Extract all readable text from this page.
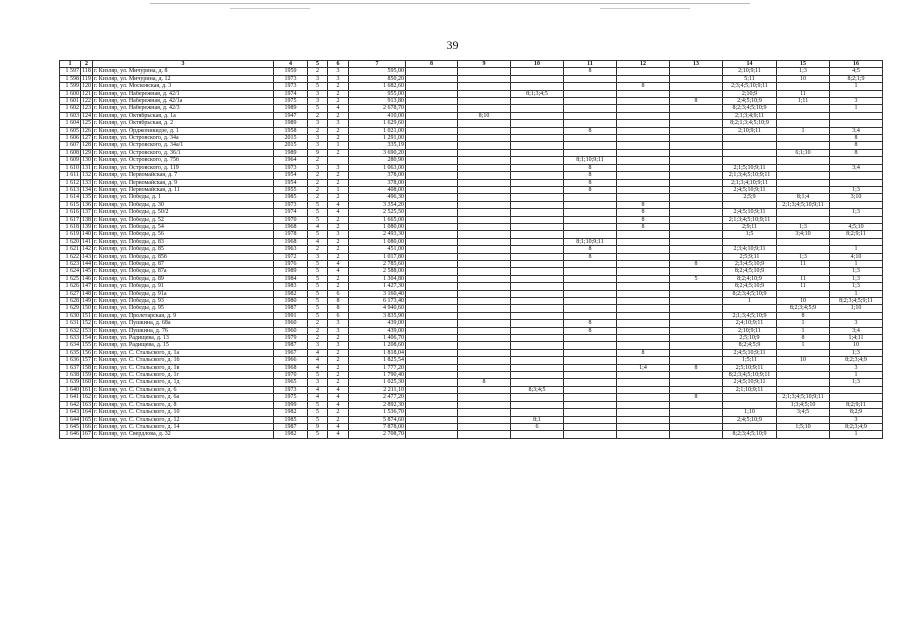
39
1	2	3	4	5	6	7	8	9	10	11	12	13	14	15	16
1 597	118	г. Кизляр, ул. Мичурина, д. 8	1959	2	3	595,00				8			2;10;9;11	1;3	4;5
1 598	119	г. Кизляр, ул. Мичурина, д. 12	1973	3	3	850,20							5;11	10	8;2;1;9
1 599	120	г. Кизляр, ул. Московская, д. 3	1973	5	2	1 682,60					8		2;3;4;5;10;9;11		1
1 600	121	г. Кизляр, ул. Набережная, д. 42/1	1974	3	2	955,00			8;1;3;4;5				2;10;9	11	
1 601	122	г. Кизляр, ул. Набережная, д. 42/1а	1975	3	2	913,80						8	2;4;5;10;9	1;11	3
1 602	123	г. Кизляр, ул. Набережная, д. 42/3	1989	5	4	2 678,70							8;2;3;4;5;10;9		1
1 603	124	г. Кизляр, ул. Октябрьская, д. 1а	1947	2	2	410,00		8;10					2;1;3;4;9;11		
1 604	125	г. Кизляр, ул. Октябрьская, д. 2	1989	3	3	1 629,60							8;2;1;3;4;5;10;9		
1 605	126	г. Кизляр, ул. Орджоникидзе, д. 1	1958	2	2	1 021,00				8			2;10;9;11	1	3;4
1 606	127	г. Кизляр, ул. Островского, д. 34а	2015	3	2	1 291,00									8
1 607	128	г. Кизляр, ул. Островского, д. 34а/1	2015	3	1	335,19									8
1 608	129	г. Кизляр, ул. Островского, д. 36/1	1989	9	2	3 690,20								6;1;10	8
1 609	130	г. Кизляр, ул. Островского, д. 75б	1964	2		280,90				8;1;10;9;11					
1 610	131	г. Кизляр, ул. Островского, д. 119	1973	3	3	1 063,00				8			2;1;5;10;9;11		3;4
1 611	132	г. Кизляр, ул. Первомайская, д. 7	1954	2	2	378,00				8			2;1;3;4;5;10;9;11		
1 612	133	г. Кизляр, ул. Первомайская, д. 9	1954	2	2	378,00				8			2;1;3;4;10;9;11		
1 613	134	г. Кизляр, ул. Первомайская, д. 11	1955	2	1	408,00				8			2;4;5;10;9;11		1;3
1 614	135	г. Кизляр, ул. Победы, д. 1	1985	2	2	496,30							2;5;9	8;1;4	3;10
1 615	136	г. Кизляр, ул. Победы, д. 30	1973	5	4	3 354,20					8			2;1;3;4;5;10;9;11	
1 616	137	г. Кизляр, ул. Победы, д. 50/2	1974	5	4	2 525,50					8		2;4;5;10;9;11		1;3
1 617	138	г. Кизляр, ул. Победы, д. 52	1970	5	2	1 665,00					8		2;1;3;4;5;10;9;11		
1 618	139	г. Кизляр, ул. Победы, д. 54	1968	4	2	1 080,00					8		2;9;11	1;3	4;5;10
1 619	140	г. Кизляр, ул. Победы, д. 56	1978	5	3	2 493,30							1;5	3;4;10	8;2;9;11
1 620	141	г. Кизляр, ул. Победы, д. 83	1968	4	2	1 080,00				8;1;10;9;11					
1 621	142	г. Кизляр, ул. Победы, д. 85	1963	2	2	451,00				8			2;3;4;10;9;11		1
1 622	143	г. Кизляр, ул. Победы, д. 85б	1972	3	2	1 017,80				8			2;5;9;11	1;3	4;10
1 623	144	г. Кизляр, ул. Победы, д. 87	1976	5	4	2 785,60						8	2;3;4;5;10;9	11	1
1 624	145	г. Кизляр, ул. Победы, д. 87а	1989	5	4	2 588,00							8;2;4;5;10;9		1;3
1 625	146	г. Кизляр, ул. Победы, д. 89	1984	5	2	1 304,80						5	8;2;4;10;9	11	1;3
1 626	147	г. Кизляр, ул. Победы, д. 91	1983	5	2	1 427,30							8;2;4;5;10;9	11	1;3
1 627	148	г. Кизляр, ул. Победы, д. 91а	1982	5	6	3 160,40							8;2;3;4;5;10;9		1
1 628	149	г. Кизляр, ул. Победы, д. 93	1980	5	8	6 173,40							1	10	8;2;3;4;5;9;11
1 629	150	г. Кизляр, ул. Победы, д. 95	1987	5	8	4 940,60								8;2;3;4;5;9	1;10
1 630	151	г. Кизляр, ул. Пролетарская, д. 9	1991	5	6	3 835,90							2;1;3;4;5;10;9	8	
1 631	152	г. Кизляр, ул. Пушкина, д. 68а	1960	2	3	439,00				8			2;4;10;9;11	1	3
1 632	153	г. Кизляр, ул. Пушкина, д. 76	1960	2	3	439,00				8			2;10;9;11	1	3;4
1 633	154	г. Кизляр, ул. Радищева, д. 13	1979	2	2	1 406,70							2;5;10;9	8	1;4;11
1 634	155	г. Кизляр, ул. Радищева, д. 15	1987	3	3	1 208,60							8;2;4;5;9	1	10
1 635	156	г. Кизляр, ул. С. Стальского, д. 1а	1967	4	2	1 818,04					8		2;4;5;10;9;11		1;3
1 636	157	г. Кизляр, ул. С. Стальского, д. 1б	1966	4	2	1 825,54							1;5;11	10	8;2;3;4;9
1 637	158	г. Кизляр, ул. С. Стальского, д. 1в	1968	4	2	1 777,20					1;4	8	2;5;10;9;11		3
1 638	159	г. Кизляр, ул. С. Стальского, д. 1г	1970	5	2	1 790,40							8;2;3;4;5;10;9;11		1
1 639	160	г. Кизляр, ул. С. Стальского, д. 1д	1965	3	2	1 025,30		8					2;4;5;10;9;11		1;3
1 640	161	г. Кизляр, ул. С. Стальского, д. 6	1973	4	4	2 211,10			8;3;4;5				2;1;10;9;11		
1 641	162	г. Кизляр, ул. С. Стальского, д. 6а	1975	4	4	2 477,20						8		2;1;3;4;5;10;9;11	
1 642	163	г. Кизляр, ул. С. Стальского, д. 8	1999	5	4	2 892,30								1;3;4;5;10	8;2;9;11
1 643	164	г. Кизляр, ул. С. Стальского, д. 10	1982	5	2	1 536,70							1;10	3;4;5	8;2;9
1 644	165	г. Кизляр, ул. С. Стальского, д. 12	1985	5	2	5 874,60			8;1				2;4;5;10;9		3
1 645	166	г. Кизляр, ул. С. Стальского, д. 14	1987	9	4	7 878,00			6					1;5;10	8;2;3;4;9
1 646	167	г. Кизляр, ул. Свердлова, д. 32	1982	5	4	2 708,70							8;2;3;4;5;10;9		1
